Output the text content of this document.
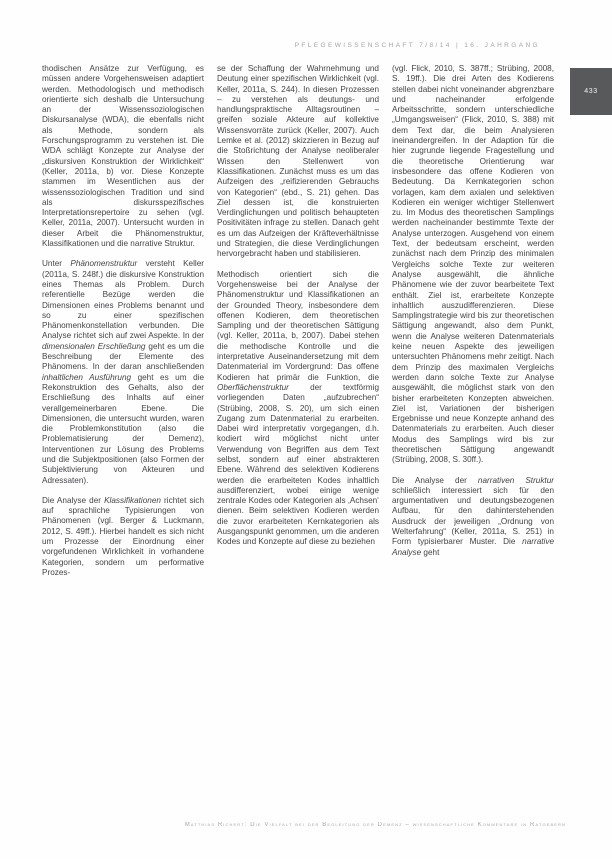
PFLEGEWISSENSCHAFT 7/8/14 | 16. JAHRGANG
433

thodischen Ansätze zur Verfügung, es müssen andere Vorgehensweisen adaptiert werden. Methodologisch und methodisch orientierte sich deshalb die Untersuchung an der Wissenssoziologischen Diskursanalyse (WDA), die ebenfalls nicht als Methode, sondern als Forschungsprogramm zu verstehen ist. Die WDA schlägt Konzepte zur Analyse der „diskursiven Konstruktion der Wirklichkeit“ (Keller, 2011a, b) vor. Diese Konzepte stammen im Wesentlichen aus der wissenssoziologischen Tradition und sind als diskursspezifisches Interpretationsrepertoire zu sehen (vgl. Keller, 2011a, 2007). Untersucht wurden in dieser Arbeit die Phänomenstruktur, Klassifikationen und die narrative Struktur.

Unter Phänomenstruktur versteht Keller (2011a, S. 248f.) die diskursive Konstruktion eines Themas als Problem. Durch referentielle Bezüge werden die Dimensionen eines Problems benannt und so zu einer spezifischen Phänomenkonstellation verbunden. Die Analyse richtet sich auf zwei Aspekte. In der dimensionalen Erschließung geht es um die Beschreibung der Elemente des Phänomens. In der daran anschließenden inhaltlichen Ausführung geht es um die Rekonstruktion des Gehalts, also der Erschließung des Inhalts auf einer verallgemeinerbaren Ebene. Die Dimensionen, die untersucht wurden, waren die Problemkonstitution (also die Problematisierung der Demenz), Interventionen zur Lösung des Problems und die Subjektpositionen (also Formen der Subjektivierung von Akteuren und Adressaten).

Die Analyse der Klassifikationen richtet sich auf sprachliche Typisierungen von Phänomenen (vgl. Berger & Luckmann, 2012, S. 49ff.). Hierbei handelt es sich nicht um Prozesse der Einordnung einer vorgefundenen Wirklichkeit in vorhandene Kategorien, sondern um performative Prozes-

se der Schaffung der Wahrnehmung und Deutung einer spezifischen Wirklichkeit (vgl. Keller, 2011a, S. 244). In diesen Prozessen – zu verstehen als deutungs- und handlungspraktische Alltagsroutinen – greifen soziale Akteure auf kollektive Wissensvorräte zurück (Keller, 2007). Auch Lemke et al. (2012) skizzieren in Bezug auf die Stoßrichtung der Analyse neoliberaler Wissen den Stellenwert von Klassifikationen. Zunächst muss es um das Aufzeigen des „reifizierenden Gebrauchs von Kategorien“ (ebd., S. 21) gehen. Das Ziel dessen ist, die konstruierten Verdinglichungen und politisch behaupteten Positivitäten infrage zu stellen. Danach geht es um das Aufzeigen der Kräfteverhältnisse und Strategien, die diese Verdinglichungen hervorgebracht haben und stabilisieren.

Methodisch orientiert sich die Vorgehensweise bei der Analyse der Phänomenstruktur und Klassifikationen an der Grounded Theory, insbesondere dem offenen Kodieren, dem theoretischen Sampling und der theoretischen Sättigung (vgl. Keller, 2011a, b, 2007). Dabei stehen die methodische Kontrolle und die interpretative Auseinandersetzung mit dem Datenmaterial im Vordergrund: Das offene Kodieren hat primär die Funktion, die Oberflächenstruktur der textförmig vorliegenden Daten „aufzubrechen“ (Strübing, 2008, S. 20), um sich einen Zugang zum Datenmaterial zu erarbeiten. Dabei wird interpretativ vorgegangen, d.h. kodiert wird möglichst nicht unter Verwendung von Begriffen aus dem Text selbst, sondern auf einer abstrakteren Ebene. Während des selektiven Kodierens werden die erarbeiteten Kodes inhaltlich ausdifferenziert, wobei einige wenige zentrale Kodes oder Kategorien als ‚Achsen‘ dienen. Beim selektiven Kodieren werden die zuvor erarbeiteten Kernkategorien als Ausgangspunkt genommen, um die anderen Kodes und Konzepte auf diese zu beziehen

(vgl. Flick, 2010, S. 387ff.; Strübing, 2008, S. 19ff.). Die drei Arten des Kodierens stellen dabei nicht voneinander abgrenzbare und nacheinander erfolgende Arbeitsschritte, sondern unterschiedliche „Umgangsweisen“ (Flick, 2010, S. 388) mit dem Text dar, die beim Analysieren ineinandergreifen. In der Adaption für die hier zugrunde liegende Fragestellung und die theoretische Orientierung war insbesondere das offene Kodieren von Bedeutung. Da Kernkategorien schon vorlagen, kam dem axialen und selektiven Kodieren ein weniger wichtiger Stellenwert zu. Im Modus des theoretischen Samplings werden nacheinander bestimmte Texte der Analyse unterzogen. Ausgehend von einem Text, der bedeutsam erscheint, werden zunächst nach dem Prinzip des minimalen Vergleichs solche Texte zur weiteren Analyse ausgewählt, die ähnliche Phänomene wie der zuvor bearbeitete Text enthält. Ziel ist, erarbeitete Konzepte inhaltlich auszudifferenzieren. Diese Samplingstrategie wird bis zur theoretischen Sättigung angewandt, also dem Punkt, wenn die Analyse weiteren Datenmaterials keine neuen Aspekte des jeweiligen untersuchten Phänomens mehr zeitigt. Nach dem Prinzip des maximalen Vergleichs werden dann solche Texte zur Analyse ausgewählt, die möglichst stark von den bisher erarbeiteten Konzepten abweichen. Ziel ist, Variationen der bisherigen Ergebnisse und neue Konzepte anhand des Datenmaterials zu erarbeiten. Auch dieser Modus des Samplings wird bis zur theoretischen Sättigung angewandt (Strübing, 2008, S. 30ff.).

Die Analyse der narrativen Struktur schließlich interessiert sich für den argumentativen und deutungsbezogenen Aufbau, für den dahinterstehenden Ausdruck der jeweiligen „Ordnung von Welterfahrung“ (Keller, 2011a, S. 251) in Form typisierbarer Muster. Die narrative Analyse geht

Matthias Richert: Die Vielfalt bei der Begleitung der Demenz – wissenschaftliche Kommentare in Ratgebern
